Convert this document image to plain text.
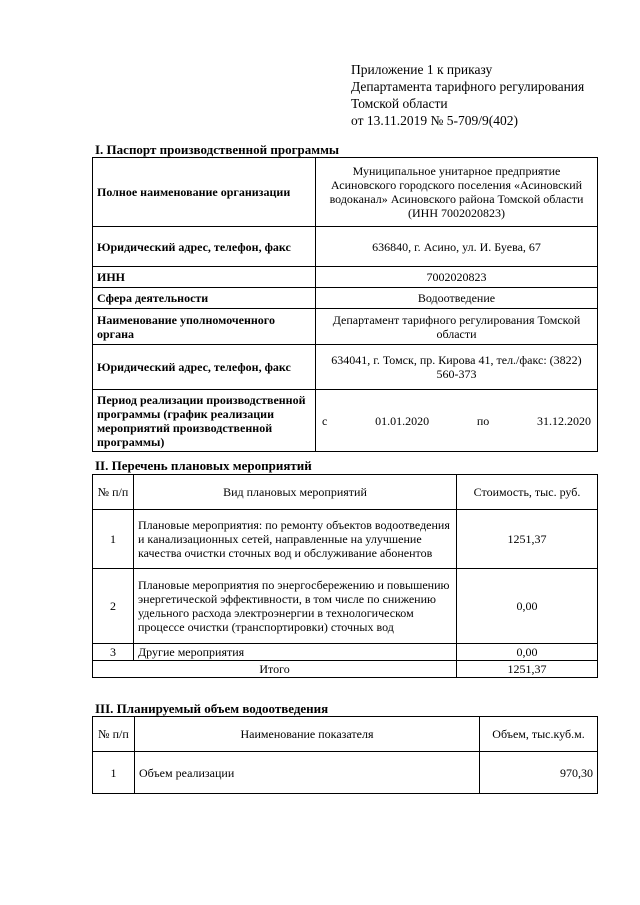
Приложение 1 к приказу
Департамента тарифного регулирования
Томской области
от 13.11.2019 № 5-709/9(402)
I. Паспорт производственной программы
Полное наименование организации	Муниципальное унитарное предприятие Асиновского городского поселения «Асиновский водоканал» Асиновского района Томской области (ИНН 7002020823)
Юридический адрес, телефон, факс	636840, г. Асино, ул. И. Буева, 67
ИНН	7002020823
Сфера деятельности	Водоотведение
Наименование уполномоченного органа	Департамент тарифного регулирования Томской области
Юридический адрес, телефон, факс	634041, г. Томск, пр. Кирова 41, тел./факс: (3822) 560-373
Период реализации производственной программы (график реализации мероприятий производственной программы)	с 01.01.2020 по 31.12.2020
II. Перечень плановых мероприятий
№ п/п	Вид плановых мероприятий	Стоимость, тыс. руб.
1	Плановые мероприятия: по ремонту объектов водоотведения и канализационных сетей, направленные на улучшение качества очистки сточных вод и обслуживание абонентов	1251,37
2	Плановые мероприятия по энергосбережению и повышению энергетической эффективности, в том числе по снижению удельного расхода электроэнергии в технологическом процессе очистки (транспортировки) сточных вод	0,00
3	Другие мероприятия	0,00
Итого		1251,37
III. Планируемый объем водоотведения
№ п/п	Наименование показателя	Объем, тыс.куб.м.
1	Объем реализации	970,30
